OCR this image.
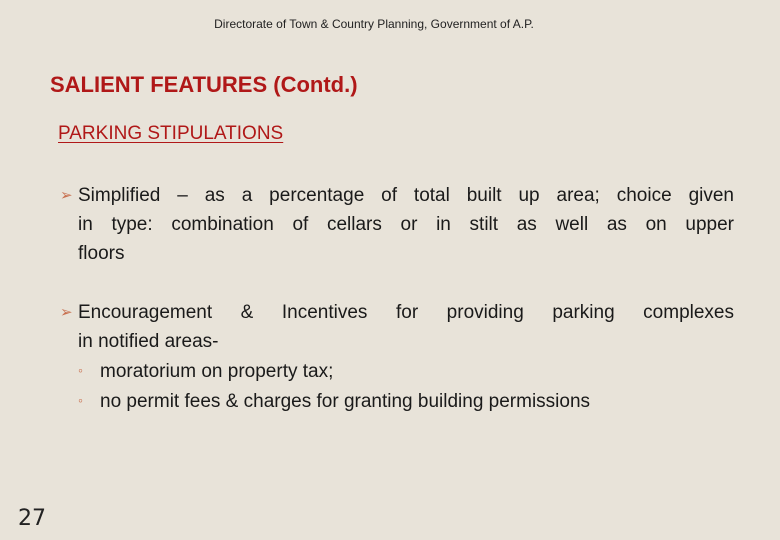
Directorate of Town & Country Planning, Government of A.P.
SALIENT FEATURES (Contd.)
PARKING STIPULATIONS
➢ Simplified – as a percentage of total built up area; choice given
in type: combination of cellars or in stilt as well as on upper
floors
➢ Encouragement & Incentives for providing parking complexes
in notified areas-
◦ moratorium on property tax;
◦ no permit fees & charges for granting building permissions
27
